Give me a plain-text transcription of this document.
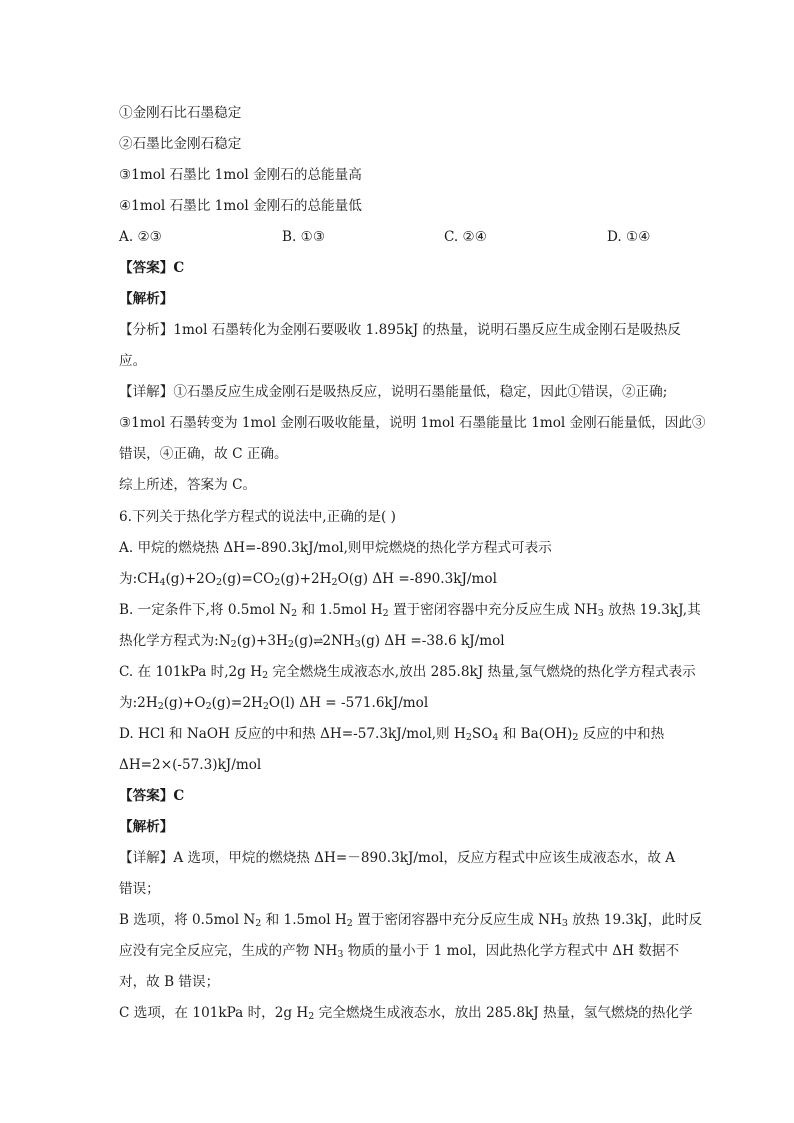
①金刚石比石墨稳定
②石墨比金刚石稳定
③1mol 石墨比 1mol 金刚石的总能量高
④1mol 石墨比 1mol 金刚石的总能量低
A. ②③	B. ①③	C. ②④	D. ①④
【答案】C
【解析】
【分析】1mol 石墨转化为金刚石要吸收 1.895kJ 的热量，说明石墨反应生成金刚石是吸热反
应。
【详解】①石墨反应生成金刚石是吸热反应，说明石墨能量低，稳定，因此①错误，②正确;
③1mol 石墨转变为 1mol 金刚石吸收能量，说明 1mol 石墨能量比 1mol 金刚石能量低，因此③
错误，④正确，故 C 正确。
综上所述，答案为 C。
6.下列关于热化学方程式的说法中,正确的是( )
A. 甲烷的燃烧热 ΔH=-890.3kJ/mol,则甲烷燃烧的热化学方程式可表示
为$:CH_4(g)+2O_2(g)=CO_2(g)+2H_2O(g)$ ΔH =-890.3kJ/mol
B. 一定条件下,将 0.5mol $N_2$ 和 1.5mol $H_2$ 置于密闭容器中充分反应生成 $NH_3$ 放热 19.3kJ,其
热化学方程式为$:N_2(g)+3H_2(g)\rightleftharpoons 2NH_3(g)$ ΔH =-38.6 kJ/mol
C. 在 101kPa 时,2g $H_2$ 完全燃烧生成液态水,放出 285.8kJ 热量,氢气燃烧的热化学方程式表示
为$:2H_2(g)+O_2(g)=2H_2O(l) \Delta H = -571.6kJ/mol$
D. HCl 和 NaOH 反应的中和热 ΔH=-57.3kJ/mol,则 $H_2SO_4$ 和 $Ba(OH)_2$ 反应的中和热
ΔH=2×(-57.3)kJ/mol
【答案】C
【解析】
【详解】A 选项，甲烷的燃烧热 ΔH=－890.3kJ/mol，反应方程式中应该生成液态水，故 A
错误；
B 选项，将 0.5mol $N_2$ 和 1.5mol $H_2$ 置于密闭容器中充分反应生成 $NH_3$ 放热 19.3kJ，此时反
应没有完全反应完，生成的产物 $NH_3$ 物质的量小于 1 mol，因此热化学方程式中 ΔH 数据不
对，故 B 错误；
C 选项，在 101kPa 时，2g $H_2$ 完全燃烧生成液态水，放出 285.8kJ 热量，氢气燃烧的热化学
